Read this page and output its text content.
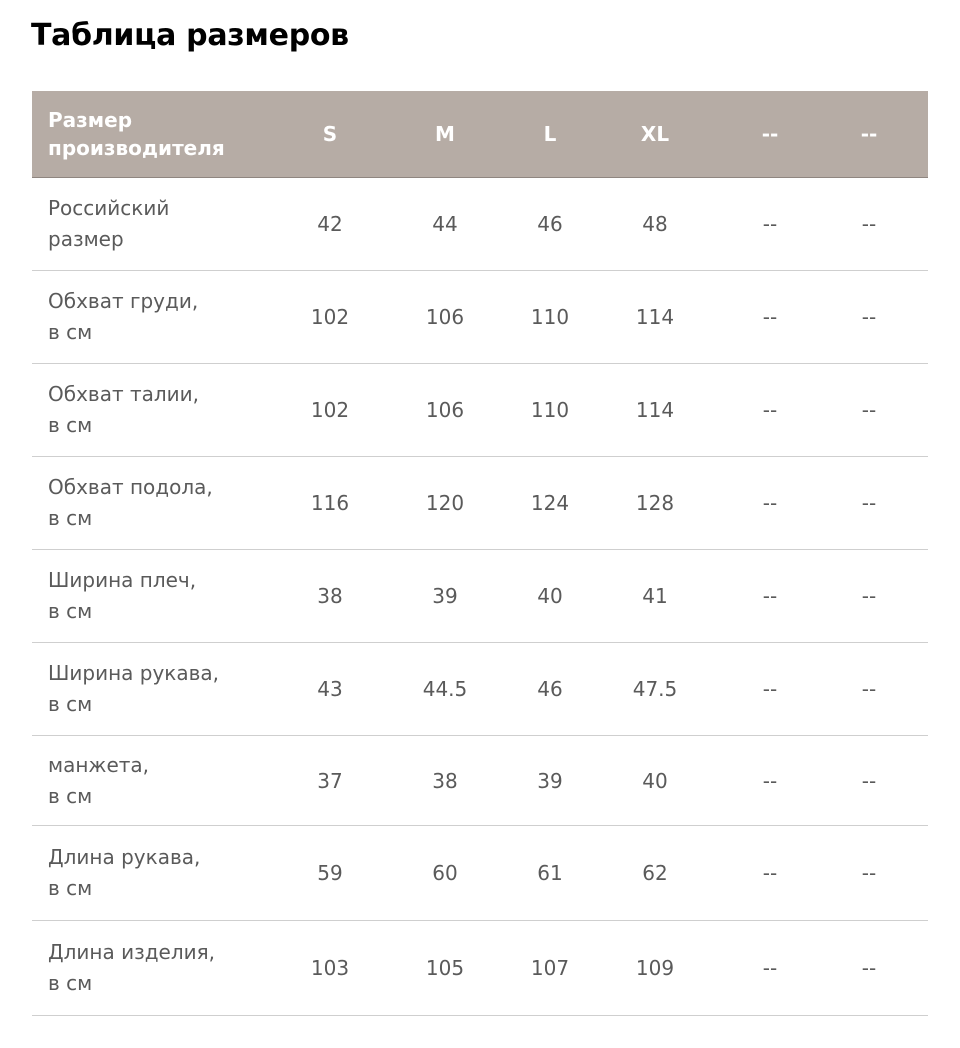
Таблица размеров
Размер
производителя	S	M	L	XL	--	--
Российский
размер	42	44	46	48	--	--
Обхват груди,
в см	102	106	110	114	--	--
Обхват талии,
в см	102	106	110	114	--	--
Обхват подола,
в см	116	120	124	128	--	--
Ширина плеч,
в см	38	39	40	41	--	--
Ширина рукава,
в см	43	44.5	46	47.5	--	--
манжета,
в см	37	38	39	40	--	--
Длина рукава,
в см	59	60	61	62	--	--
Длина изделия,
в см	103	105	107	109	--	--
